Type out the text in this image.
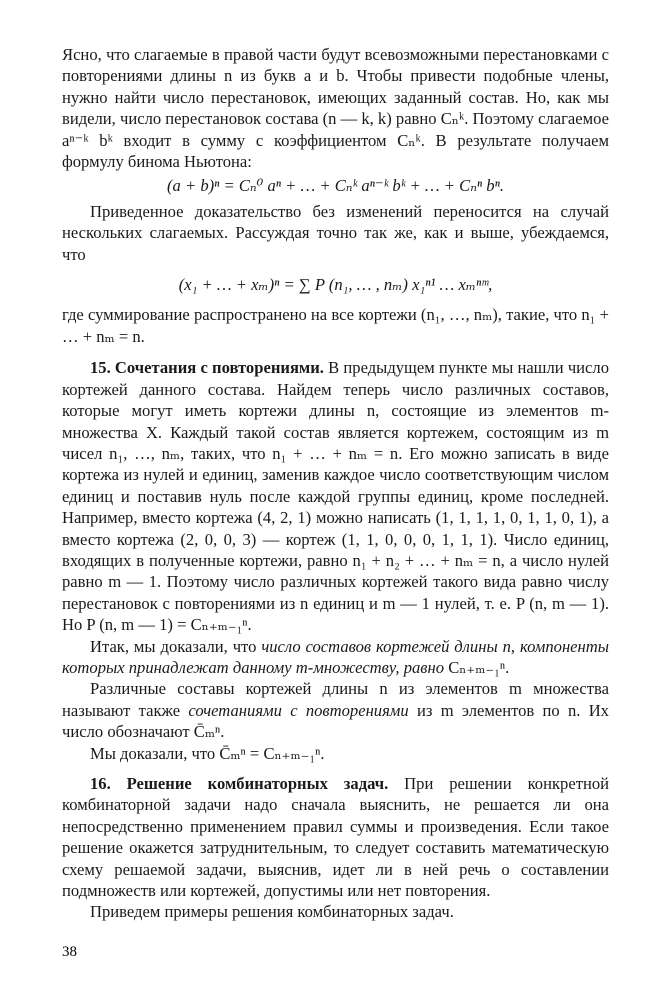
Ясно, что слагаемые в правой части будут всевозможными перестановками с повторениями длины n из букв a и b. Чтобы привести подобные члены, нужно найти число перестановок, имеющих заданный состав. Но, как мы видели, число перестановок состава (n — k, k) равно Cₙᵏ. Поэтому слагаемое aⁿ⁻ᵏ bᵏ входит в сумму с коэффициентом Cₙᵏ. В результате получаем формулу бинома Ньютона:

(a + b)ⁿ = Cₙ⁰ aⁿ + … + Cₙᵏ aⁿ⁻ᵏ bᵏ + … + Cₙⁿ bⁿ.

Приведенное доказательство без изменений переносится на случай нескольких слагаемых. Рассуждая точно так же, как и выше, убеждаемся, что

(x₁ + … + xₘ)ⁿ = ∑ P (n₁, … , nₘ) x₁ⁿ¹ … xₘⁿᵐ,

где суммирование распространено на все кортежи (n₁, …, nₘ), такие, что n₁ + … + nₘ = n.

15. Сочетания с повторениями. В предыдущем пункте мы нашли число кортежей данного состава. Найдем теперь число различных составов, которые могут иметь кортежи длины n, состоящие из элементов m-множества X. Каждый такой состав является кортежем, состоящим из m чисел n₁, …, nₘ, таких, что n₁ + … + nₘ = n. Его можно записать в виде кортежа из нулей и единиц, заменив каждое число соответствующим числом единиц и поставив нуль после каждой группы единиц, кроме последней. Например, вместо кортежа (4, 2, 1) можно написать (1, 1, 1, 1, 0, 1, 1, 0, 1), а вместо кортежа (2, 0, 0, 3) — кортеж (1, 1, 0, 0, 0, 1, 1, 1). Число единиц, входящих в полученные кортежи, равно n₁ + n₂ + … + nₘ = n, а число нулей равно m — 1. Поэтому число различных кортежей такого вида равно числу перестановок с повторениями из n единиц и m — 1 нулей, т. е. P (n, m — 1). Но P (n, m — 1) = Cₙ₊ₘ₋₁ⁿ.

Итак, мы доказали, что число составов кортежей длины n, компоненты которых принадлежат данному m-множеству, равно Cₙ₊ₘ₋₁ⁿ.

Различные составы кортежей длины n из элементов m множества называют также сочетаниями с повторениями из m элементов по n. Их число обозначают C̄ₘⁿ.

Мы доказали, что C̄ₘⁿ = Cₙ₊ₘ₋₁ⁿ.

16. Решение комбинаторных задач. При решении конкретной комбинаторной задачи надо сначала выяснить, не решается ли она непосредственно применением правил суммы и произведения. Если такое решение окажется затруднительным, то следует составить математическую схему решаемой задачи, выяснив, идет ли в ней речь о составлении подмножеств или кортежей, допустимы или нет повторения.

Приведем примеры решения комбинаторных задач.

38
